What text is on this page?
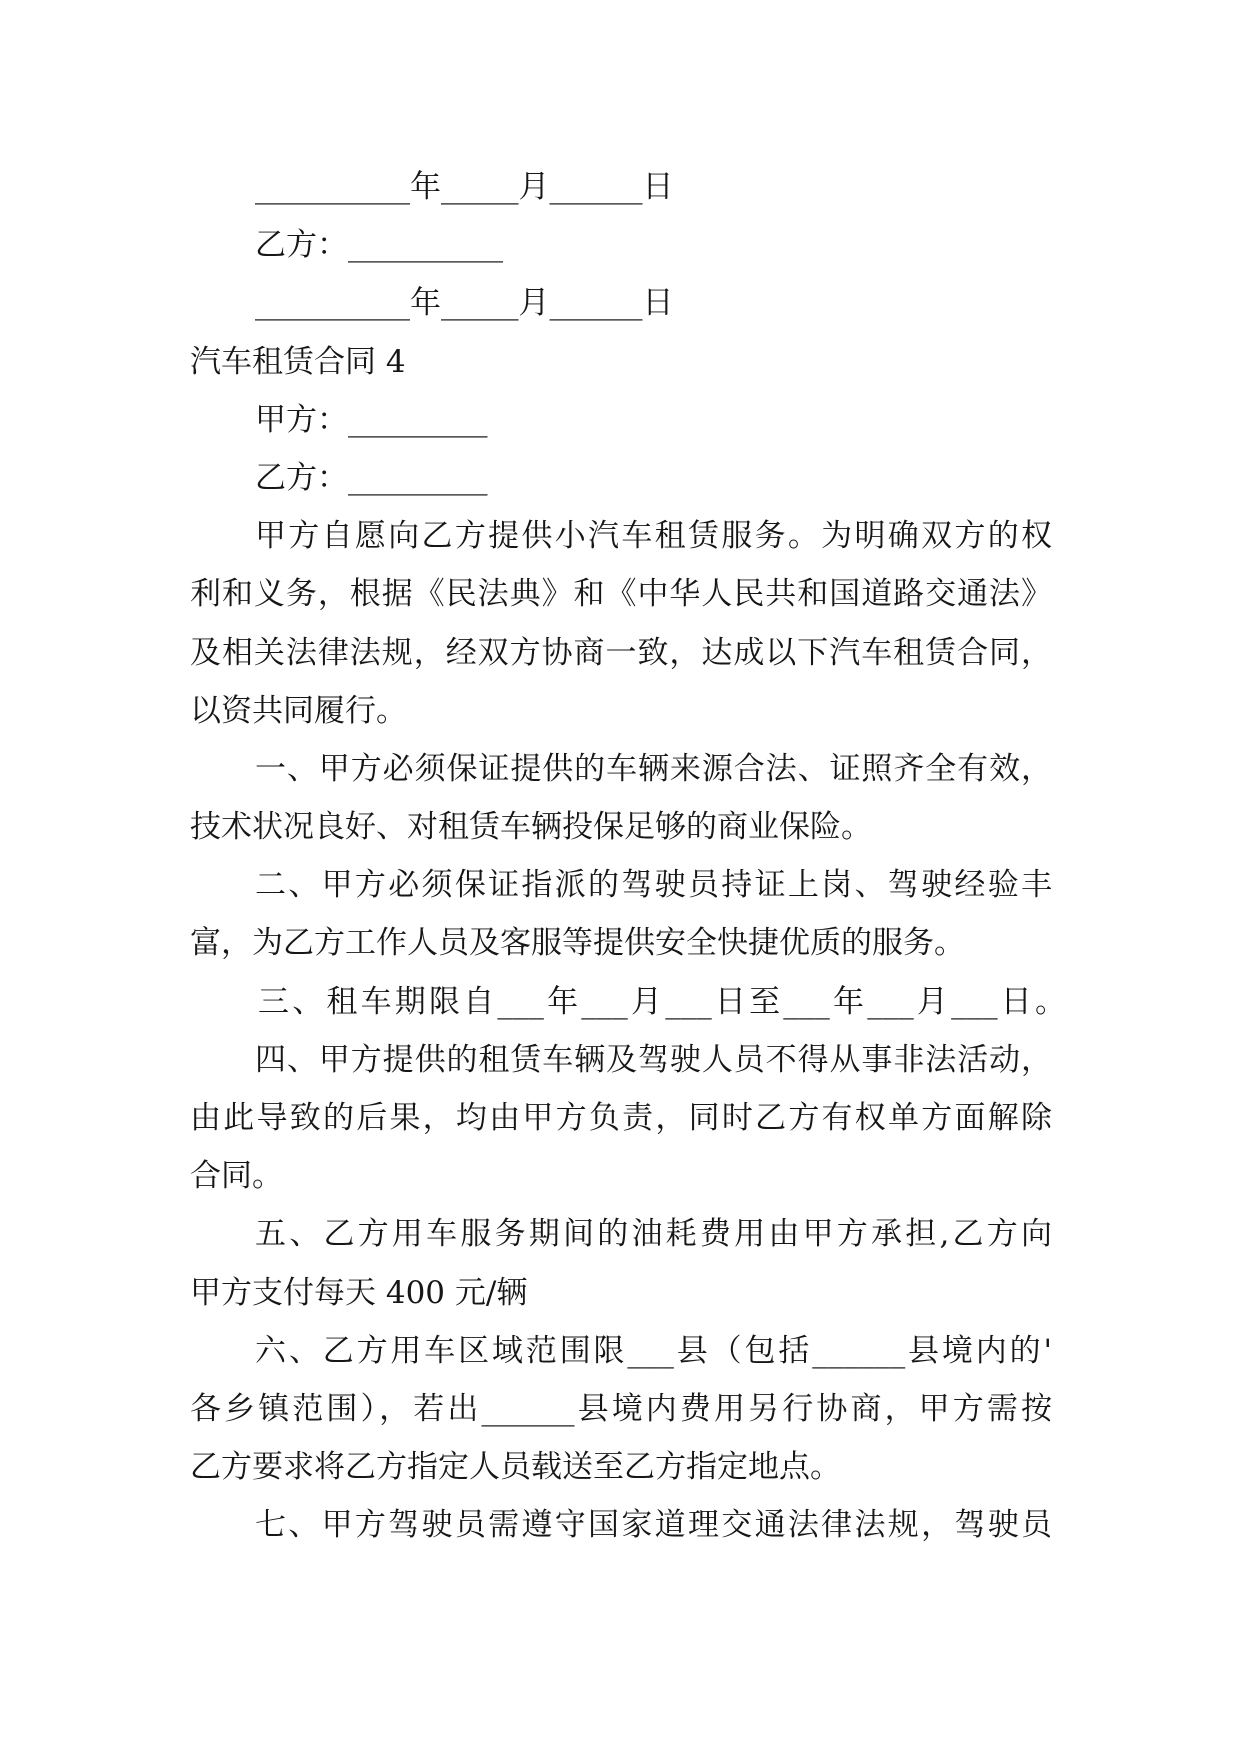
__________年_____月______日
乙方：__________
__________年_____月______日
汽车租赁合同 4
甲方：_________
乙方：_________
甲方自愿向乙方提供小汽车租赁服务。为明确双方的权
利和义务，根据《民法典》和《中华人民共和国道路交通法》
及相关法律法规，经双方协商一致，达成以下汽车租赁合同，
以资共同履行。
一、甲方必须保证提供的车辆来源合法、证照齐全有效，
技术状况良好、对租赁车辆投保足够的商业保险。
二、甲方必须保证指派的驾驶员持证上岗、驾驶经验丰
富，为乙方工作人员及客服等提供安全快捷优质的服务。
三、租车期限自___年___月___日至___年___月___日。
四、甲方提供的租赁车辆及驾驶人员不得从事非法活动，
由此导致的后果，均由甲方负责，同时乙方有权单方面解除
合同。
五、乙方用车服务期间的油耗费用由甲方承担,乙方向
甲方支付每天 400 元/辆
六、乙方用车区域范围限___县（包括______县境内的'
各乡镇范围），若出______县境内费用另行协商，甲方需按
乙方要求将乙方指定人员载送至乙方指定地点。
七、甲方驾驶员需遵守国家道理交通法律法规，驾驶员
